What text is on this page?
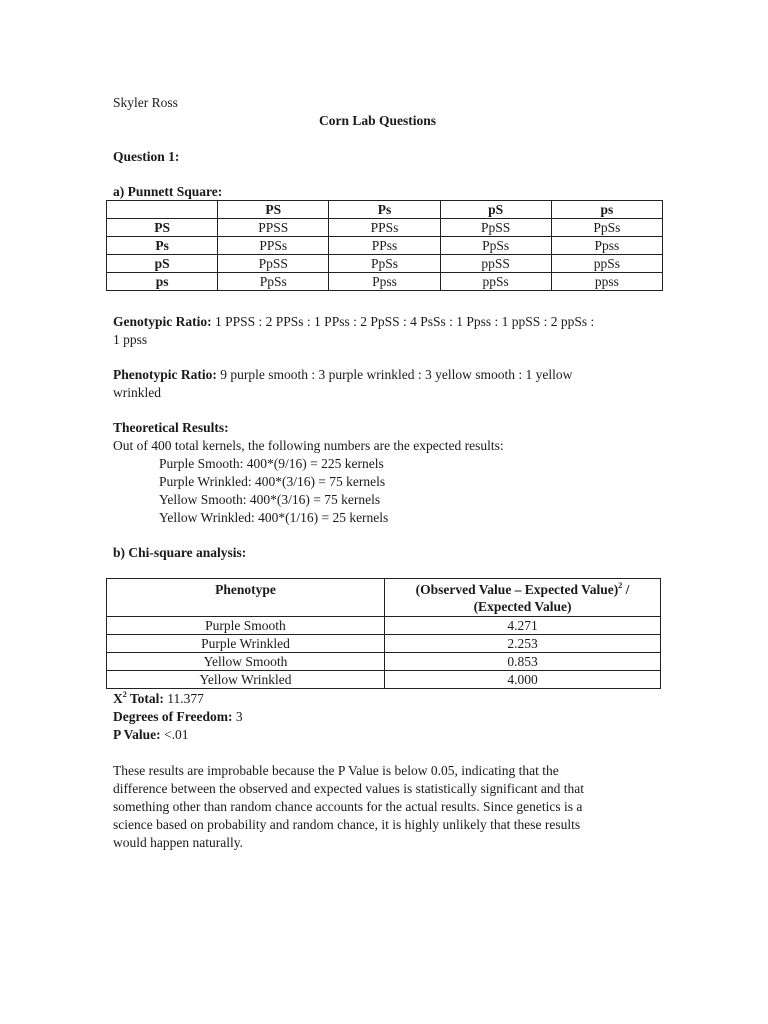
Skyler Ross
Corn Lab Questions
Question 1:
a) Punnett Square:
	PS	Ps	pS	ps
PS	PPSS	PPSs	PpSS	PpSs
Ps	PPSs	PPss	PpSs	Ppss
pS	PpSS	PpSs	ppSS	ppSs
ps	PpSs	Ppss	ppSs	ppss
Genotypic Ratio: 1 PPSS : 2 PPSs : 1 PPss : 2 PpSS : 4 PsSs : 1 Ppss : 1 ppSS : 2 ppSs :
1 ppss
Phenotypic Ratio: 9 purple smooth : 3 purple wrinkled : 3 yellow smooth : 1 yellow
wrinkled
Theoretical Results:
Out of 400 total kernels, the following numbers are the expected results:
Purple Smooth: 400*(9/16) = 225 kernels
Purple Wrinkled: 400*(3/16) = 75 kernels
Yellow Smooth: 400*(3/16) = 75 kernels
Yellow Wrinkled: 400*(1/16) = 25 kernels
b) Chi-square analysis:
Phenotype	(Observed Value – Expected Value)$^2$ /
(Expected Value)
Purple Smooth	4.271
Purple Wrinkled	2.253
Yellow Smooth	0.853
Yellow Wrinkled	4.000
$X^2$ Total: 11.377
Degrees of Freedom: 3
P Value: <.01
These results are improbable because the P Value is below 0.05, indicating that the
difference between the observed and expected values is statistically significant and that
something other than random chance accounts for the actual results. Since genetics is a
science based on probability and random chance, it is highly unlikely that these results
would happen naturally.
